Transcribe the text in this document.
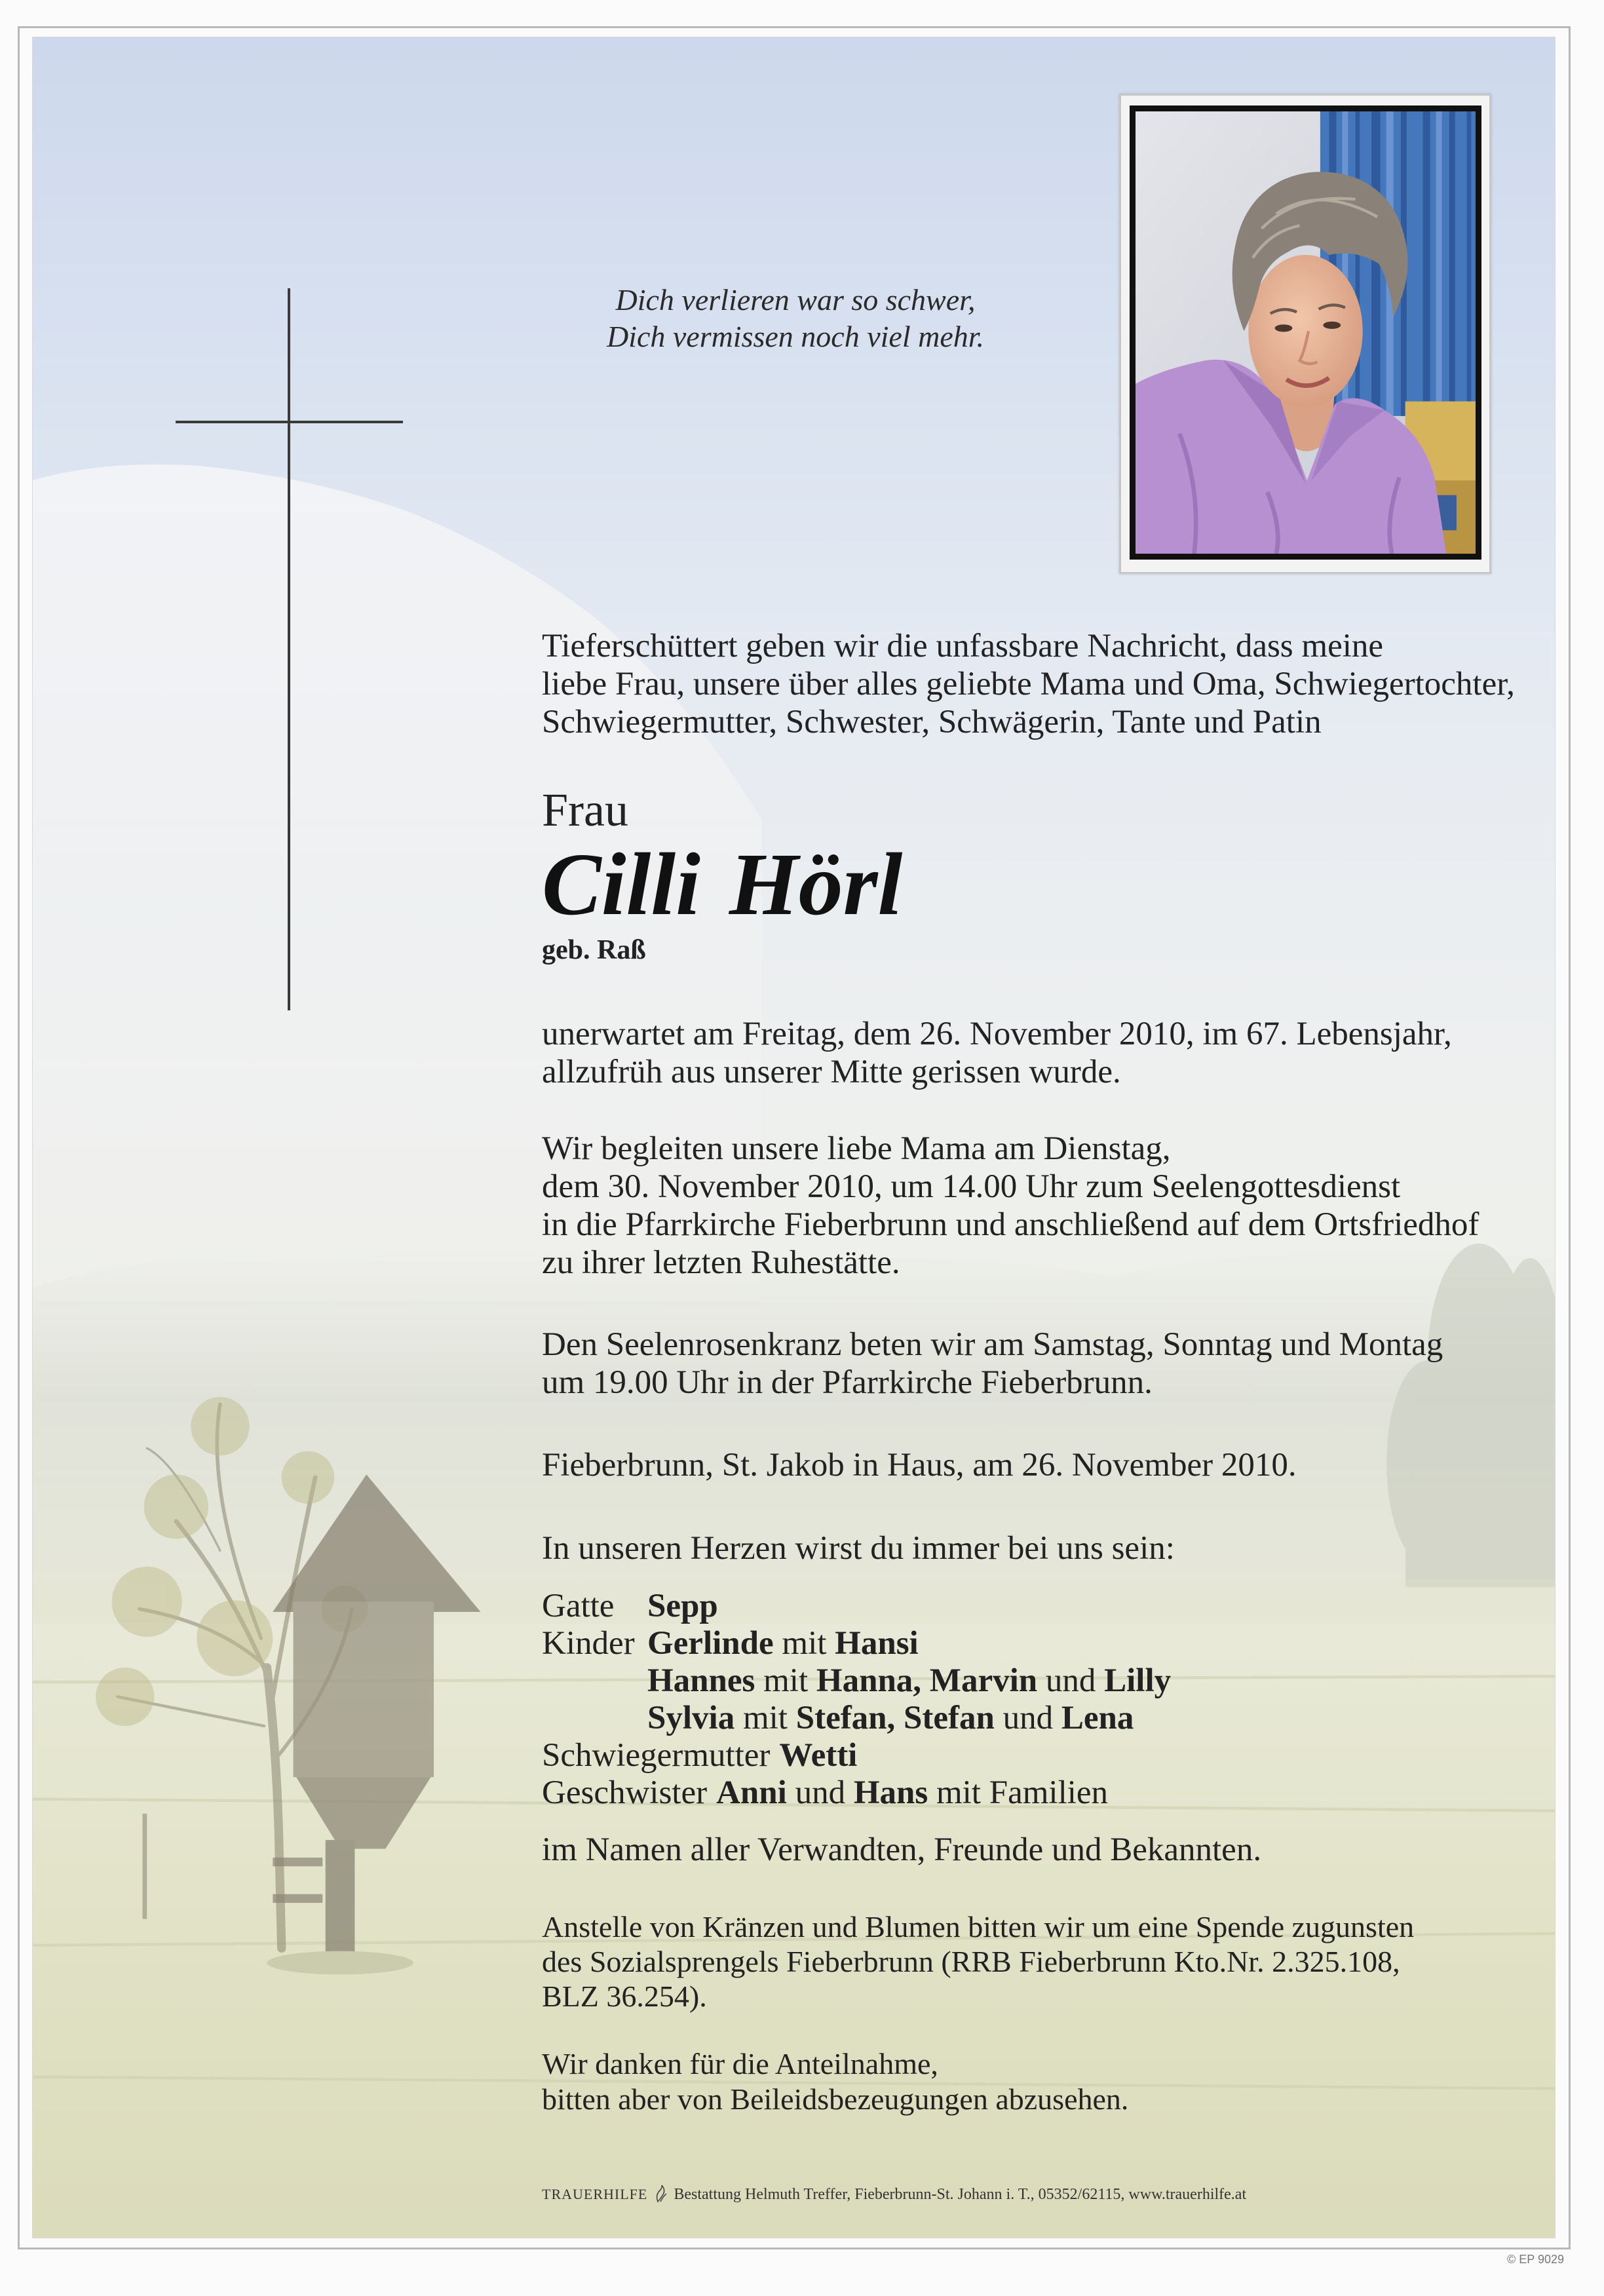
Dich verlieren war so schwer,
Dich vermissen noch viel mehr.
Tieferschüttert geben wir die unfassbare Nachricht, dass meine
liebe Frau, unsere über alles geliebte Mama und Oma, Schwiegertochter,
Schwiegermutter, Schwester, Schwägerin, Tante und Patin
Frau
Cilli Hörl
geb. Raß
unerwartet am Freitag, dem 26. November 2010, im 67. Lebensjahr,
allzufrüh aus unserer Mitte gerissen wurde.
Wir begleiten unsere liebe Mama am Dienstag,
dem 30. November 2010, um 14.00 Uhr zum Seelengottesdienst
in die Pfarrkirche Fieberbrunn und anschließend auf dem Ortsfriedhof
zu ihrer letzten Ruhestätte.
Den Seelenrosenkranz beten wir am Samstag, Sonntag und Montag
um 19.00 Uhr in der Pfarrkirche Fieberbrunn.
Fieberbrunn, St. Jakob in Haus, am 26. November 2010.
In unseren Herzen wirst du immer bei uns sein:
Gatte Sepp
Kinder Gerlinde mit Hansi
Hannes mit Hanna, Marvin und Lilly
Sylvia mit Stefan, Stefan und Lena
Schwiegermutter Wetti
Geschwister Anni und Hans mit Familien
im Namen aller Verwandten, Freunde und Bekannten.
Anstelle von Kränzen und Blumen bitten wir um eine Spende zugunsten
des Sozialsprengels Fieberbrunn (RRB Fieberbrunn Kto.Nr. 2.325.108,
BLZ 36.254).
Wir danken für die Anteilnahme,
bitten aber von Beileidsbezeugungen abzusehen.
TRAUERHILFE Bestattung Helmuth Treffer, Fieberbrunn-St. Johann i. T., 05352/62115, www.trauerhilfe.at
© EP 9029
